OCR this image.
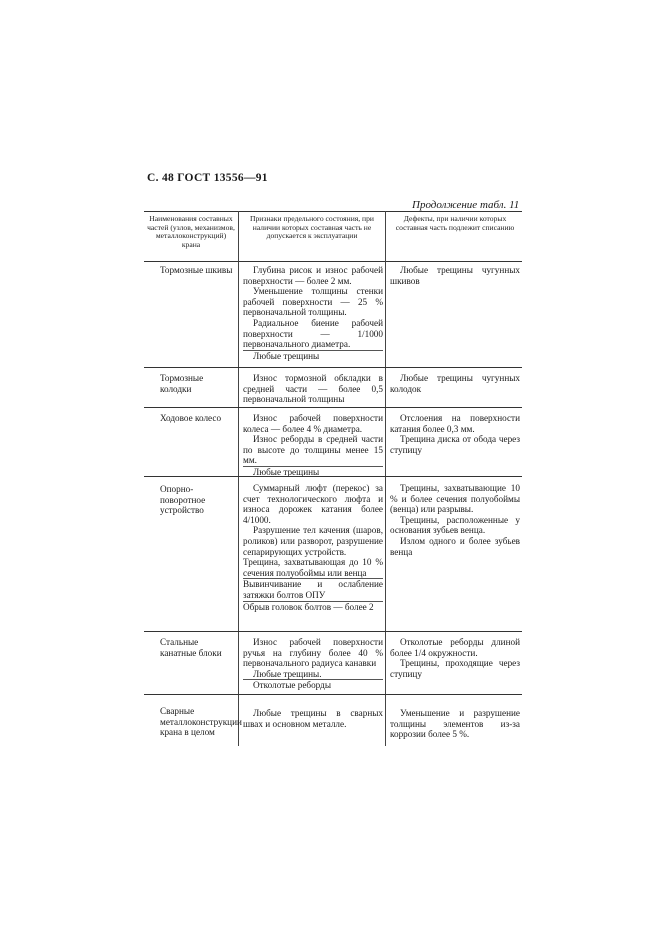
С. 48 ГОСТ 13556—91
Продолжение табл. 11
Наименования составных частей (узлов, механизмов, металлоконструкций) крана
Признаки предельного состояния, при наличии которых составная часть не допускается к эксплуатации
Дефекты, при наличии которых составная часть подлежит списанию
Тормозные шкивы	Глубина рисок и износ рабочей поверхности — более 2 мм.

Уменьшение толщины стенки рабочей поверхности — 25 % первоначальной толщины.

Радиальное биение рабочей поверхности — 1/1000 первоначального диаметра.

Любые трещины

Любые трещины чугунных шкивов

Тормозные колодки

Износ тормозной обкладки в средней части — более 0,5 первоначальной толщины

Любые трещины чугунных колодок

Ходовое колесо	Износ рабочей поверхности колеса — более 4 % диаметра.

Износ реборды в средней части по высоте до толщины менее 15 мм.

Любые трещины

Отслоения на поверхности катания более 0,3 мм.

Трещина диска от обода через ступицу

Опорно-поворотное устройство

Суммарный люфт (перекос) за счет технологического люфта и износа дорожек катания более 4/1000.

Разрушение тел качения (шаров, роликов) или разворот, разрушение сепарирующих устройств.

Трещина, захватывающая до 10 % сечения полуобоймы или венца

Вывинчивание и ослабление затяжки болтов ОПУ

Обрыв головок болтов — более 2

Трещины, захватывающие 10 % и более сечения полуобоймы (венца) или разрывы.

Трещины, расположенные у основания зубьев венца.

Излом одного и более зубьев венца

Стальные канатные блоки

Износ рабочей поверхности ручья на глубину более 40 % первоначального радиуса канавки

Любые трещины.

Отколотые реборды

Отколотые реборды длиной более 1/4 окружности.

Трещины, проходящие через ступицу

Сварные металлоконструкции крана в целом

Любые трещины в сварных швах и основном металле.

Уменьшение и разрушение толщины элементов из-за коррозии более 5 %.
